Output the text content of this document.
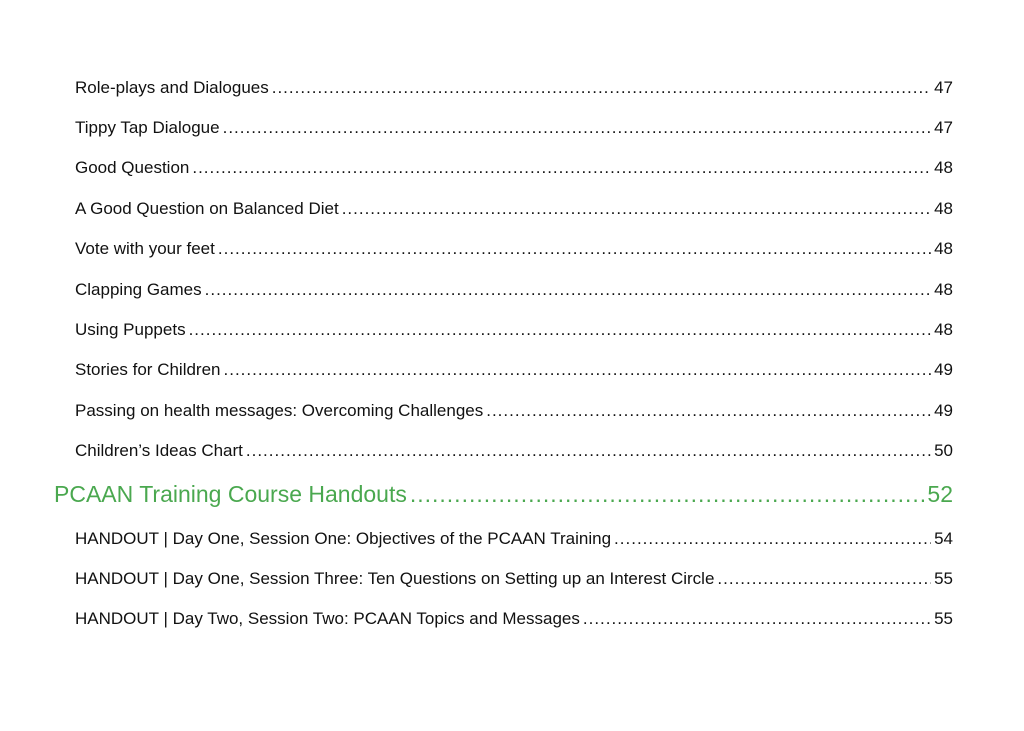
Role-plays and Dialogues .....	47
Tippy Tap Dialogue .....	47
Good Question .....	48
A Good Question on Balanced Diet .....	48
Vote with your feet .....	48
Clapping Games .....	48
Using Puppets .....	48
Stories for Children .....	49
Passing on health messages: Overcoming Challenges .....	49
Children’s Ideas Chart .....	50
PCAAN Training Course Handouts .....	52
HANDOUT | Day One, Session One: Objectives of the PCAAN Training .....	54
HANDOUT | Day One, Session Three: Ten Questions on Setting up an Interest Circle .....	55
HANDOUT | Day Two, Session Two: PCAAN Topics and Messages .....	55
